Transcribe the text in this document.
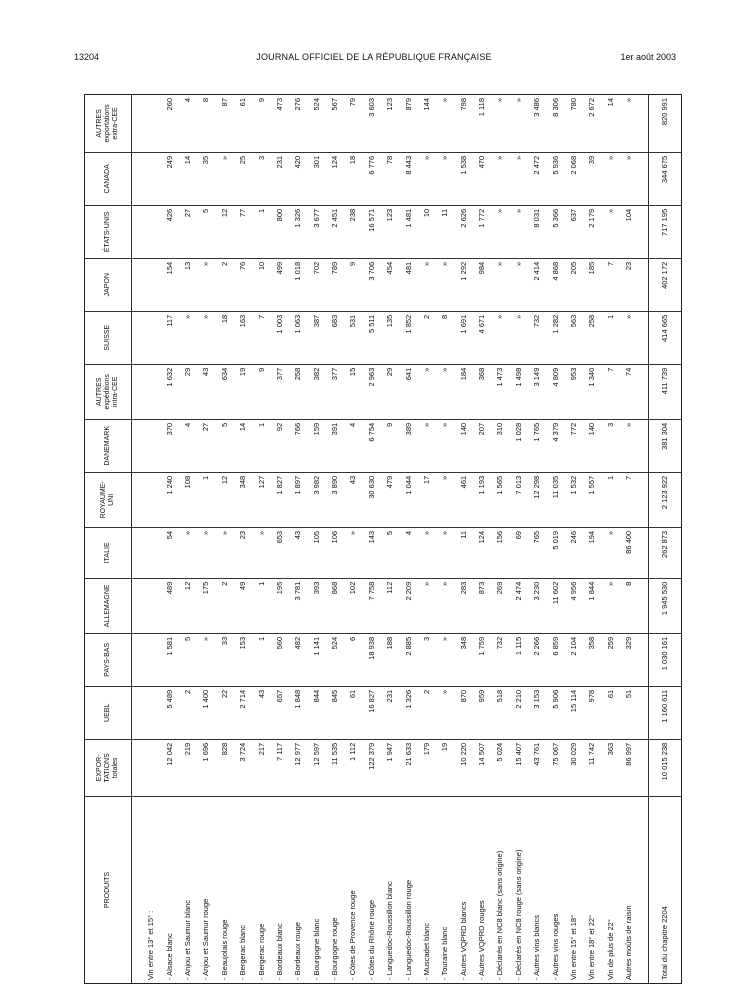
13204	JOURNAL OFFICIEL DE LA RÉPUBLIQUE FRANÇAISE	1er août 2003
PRODUITS	EXPOR-TATIONS totales	UEBL	PAYS-BAS	ALLEMAGNE	ITALIE	ROYAUME-UNI	DANEMARK	AUTRES expéditions intra-CEE	SUISSE	JAPON	ÉTATS-UNIS	CANADA	AUTRES exportations extra-CEE

Vin entre 13° et 15° :													
- Alsace blanc	12 042	5 489	1 581	489	54	1 240	370	1 632	117	154	426	249	260
- Anjou et Saumur blanc	219	2	5	12	»	108	4	29	»	13	27	14	4
- Anjou et Saumur rouge	1 696	1 400	»	175	»	1	27	43	»	»	5	35	8
- Beaujolais rouge	828	22	33	2	»	12	5	634	18	2	12	»	87
- Bergerac blanc	3 724	2 714	153	49	23	348	14	19	163	76	77	25	61
- Bergerac rouge	217	43	1	1	»	127	1	9	7	10	1	3	9
- Bordeaux blanc	7 117	657	560	195	653	1 827	92	377	1 003	499	800	231	473
- Bordeaux rouge	12 977	1 848	482	3 781	43	1 897	766	258	1 063	1 018	1 326	420	276
- Bourgogne blanc	12 597	844	1 141	393	105	3 982	159	382	387	702	3 677	301	524
- Bourgogne rouge	11 535	845	524	868	106	3 890	391	377	683	789	2 451	124	567
- Côtes de Provence rouge	1 112	61	6	102	»	43	4	15	531	9	238	18	79
- Côtes du Rhône rouge	122 379	16 827	18 938	7 758	143	30 630	6 754	2 963	5 511	3 706	16 571	6 776	3 603
- Languedoc-Roussillon blanc	1 947	231	188	112	5	479	9	29	135	454	123	78	123
- Languedoc-Roussillon rouge	21 633	1 326	2 885	2 209	4	1 044	389	641	1 852	481	1 481	8 443	879
- Muscadet blanc	179	2	3	»	»	17	»	»	2	»	10	»	144
- Touraine blanc	19	»	»	»	»	»	»	»	8	»	11	»	»
- Autres VQPRD blancs	10 220	870	348	283	11	461	140	184	1 691	1 292	2 626	1 538	798
- Autres VQPRD rouges	14 507	959	1 759	873	124	1 193	207	368	4 671	984	1 772	470	1 118
- Déclarés en NC8 blanc (sans origine)	5 024	518	732	269	156	1 565	310	1 473	»	»	»	»	»
- Déclarés en NC8 rouge (sans origine)	15 407	2 210	1 115	2 474	69	7 013	1 028	1 498	»	»	»	»	»
- Autres vins blancs	43 761	3 153	2 266	3 230	765	12 298	1 765	3 149	732	2 414	8 031	2 472	3 486
- Autres vins rouges	75 067	5 906	6 859	11 602	5 019	11 035	4 379	4 809	1 282	4 868	5 366	5 936	8 306
Vin entre 15° et 18°	30 029	15 114	2 104	4 956	246	1 532	772	953	563	205	637	2 068	780
Vin entre 18° et 22°	11 742	978	358	1 844	194	1 557	140	1 340	258	185	2 179	39	2 672
Vin de plus de 22°	363	61	259	»	»	1	3	7	1	7	»	»	14
Autres moûts de raisin	86 997	51	329	8	86 400	7	»	74	»	23	104	»	»

Total du chapitre 2204	10 015 238	1 160 611	1 030 161	1 945 530	262 873	2 123 922	381 304	411 739	414 665	402 172	717 195	344 675	820 991
